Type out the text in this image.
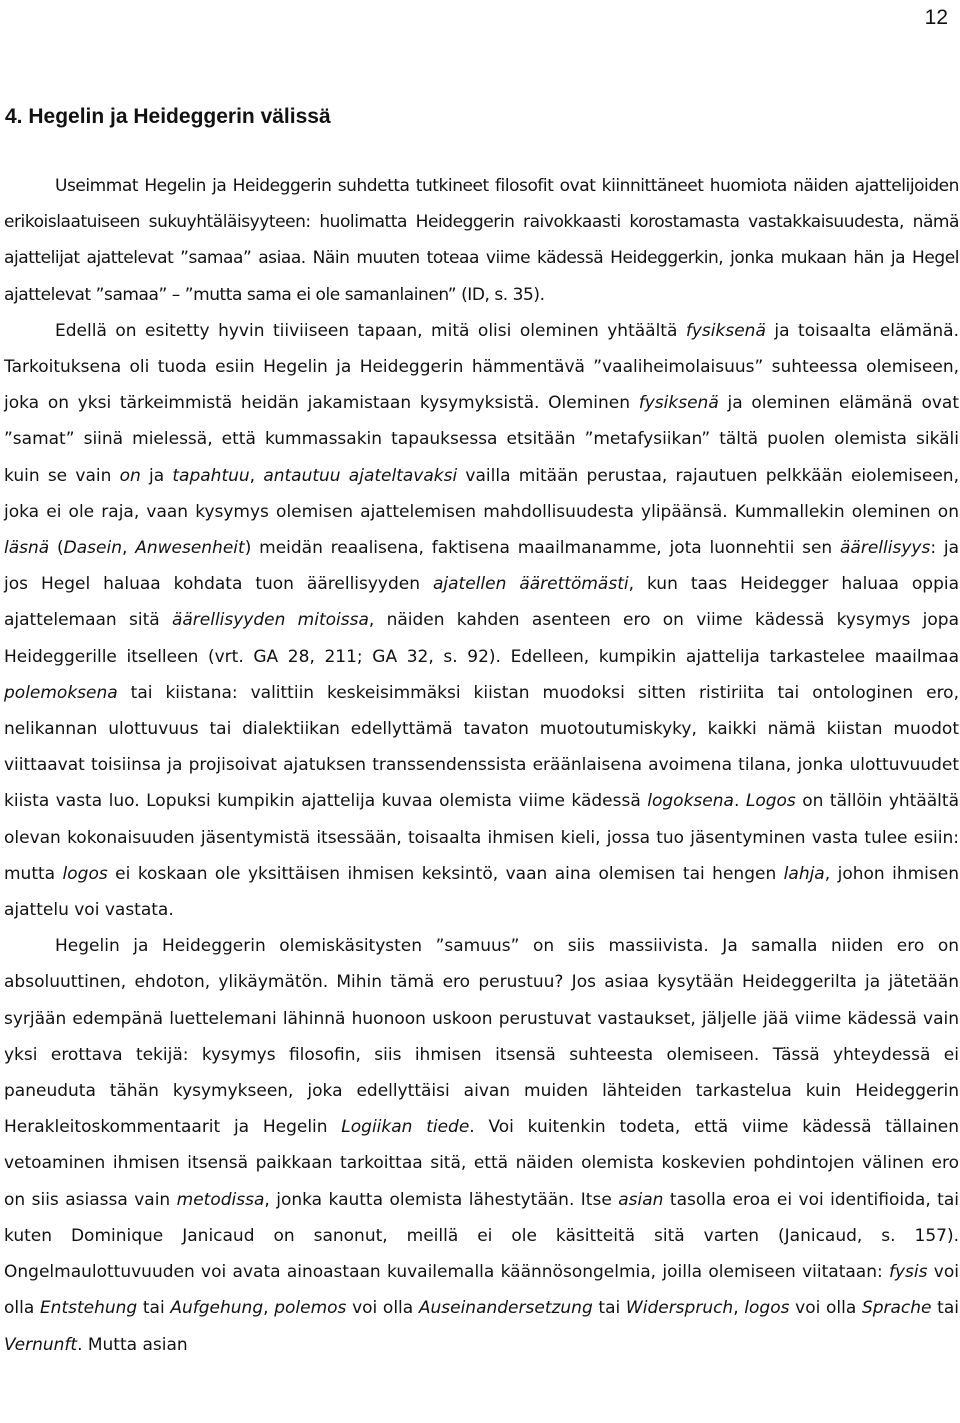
12
4. Hegelin ja Heideggerin välissä

Useimmat Hegelin ja Heideggerin suhdetta tutkineet filosofit ovat kiinnittäneet huomiota näiden ajattelijoiden erikoislaatuiseen sukuyhtäläisyyteen: huolimatta Heideggerin raivokkaasti korostamasta vastakkaisuudesta, nämä ajattelijat ajattelevat ”samaa” asiaa. Näin muuten toteaa viime kädessä Heideggerkin, jonka mukaan hän ja Hegel ajattelevat ”samaa” – ”mutta sama ei ole samanlainen” (ID, s. 35).

Edellä on esitetty hyvin tiiviiseen tapaan, mitä olisi oleminen yhtäältä fysiksenä ja toisaalta elämänä. Tarkoituksena oli tuoda esiin Hegelin ja Heideggerin hämmentävä ”vaaliheimolaisuus” suhteessa olemiseen, joka on yksi tärkeimmistä heidän jakamistaan kysymyksistä. Oleminen fysiksenä ja oleminen elämänä ovat ”samat” siinä mielessä, että kummassakin tapauksessa etsitään ”metafysiikan” tältä puolen olemista sikäli kuin se vain on ja tapahtuu, antautuu ajateltavaksi vailla mitään perustaa, rajautuen pelkkään eiolemiseen, joka ei ole raja, vaan kysymys olemisen ajattelemisen mahdollisuudesta ylipäänsä. Kummallekin oleminen on läsnä (Dasein, Anwesenheit) meidän reaalisena, faktisena maailmanamme, jota luonnehtii sen äärellisyys: ja jos Hegel haluaa kohdata tuon äärellisyyden ajatellen äärettömästi, kun taas Heidegger haluaa oppia ajattelemaan sitä äärellisyyden mitoissa, näiden kahden asenteen ero on viime kädessä kysymys jopa Heideggerille itselleen (vrt. GA 28, 211; GA 32, s. 92). Edelleen, kumpikin ajattelija tarkastelee maailmaa polemoksena tai kiistana: valittiin keskeisimmäksi kiistan muodoksi sitten ristiriita tai ontologinen ero, nelikannan ulottuvuus tai dialektiikan edellyttämä tavaton muotoutumiskyky, kaikki nämä kiistan muodot viittaavat toisiinsa ja projisoivat ajatuksen transsendenssista eräänlaisena avoimena tilana, jonka ulottuvuudet kiista vasta luo. Lopuksi kumpikin ajattelija kuvaa olemista viime kädessä logoksena. Logos on tällöin yhtäältä olevan kokonaisuuden jäsentymistä itsessään, toisaalta ihmisen kieli, jossa tuo jäsentyminen vasta tulee esiin: mutta logos ei koskaan ole yksittäisen ihmisen keksintö, vaan aina olemisen tai hengen lahja, johon ihmisen ajattelu voi vastata.

Hegelin ja Heideggerin olemiskäsitysten ”samuus” on siis massiivista. Ja samalla niiden ero on absoluuttinen, ehdoton, ylikäymätön. Mihin tämä ero perustuu? Jos asiaa kysytään Heideggerilta ja jätetään syrjään edempänä luettelemani lähinnä huonoon uskoon perustuvat vastaukset, jäljelle jää viime kädessä vain yksi erottava tekijä: kysymys filosofin, siis ihmisen itsensä suhteesta olemiseen. Tässä yhteydessä ei paneuduta tähän kysymykseen, joka edellyttäisi aivan muiden lähteiden tarkastelua kuin Heideggerin Herakleitoskommentaarit ja Hegelin Logiikan tiede. Voi kuitenkin todeta, että viime kädessä tällainen vetoaminen ihmisen itsensä paikkaan tarkoittaa sitä, että näiden olemista koskevien pohdintojen välinen ero on siis asiassa vain metodissa, jonka kautta olemista lähestytään. Itse asian tasolla eroa ei voi identifioida, tai kuten Dominique Janicaud on sanonut, meillä ei ole käsitteitä sitä varten (Janicaud, s. 157). Ongelmaulottuvuuden voi avata ainoastaan kuvailemalla käännösongelmia, joilla olemiseen viitataan: fysis voi olla Entstehung tai Aufgehung, polemos voi olla Auseinandersetzung tai Widerspruch, logos voi olla Sprache tai Vernunft. Mutta asian
